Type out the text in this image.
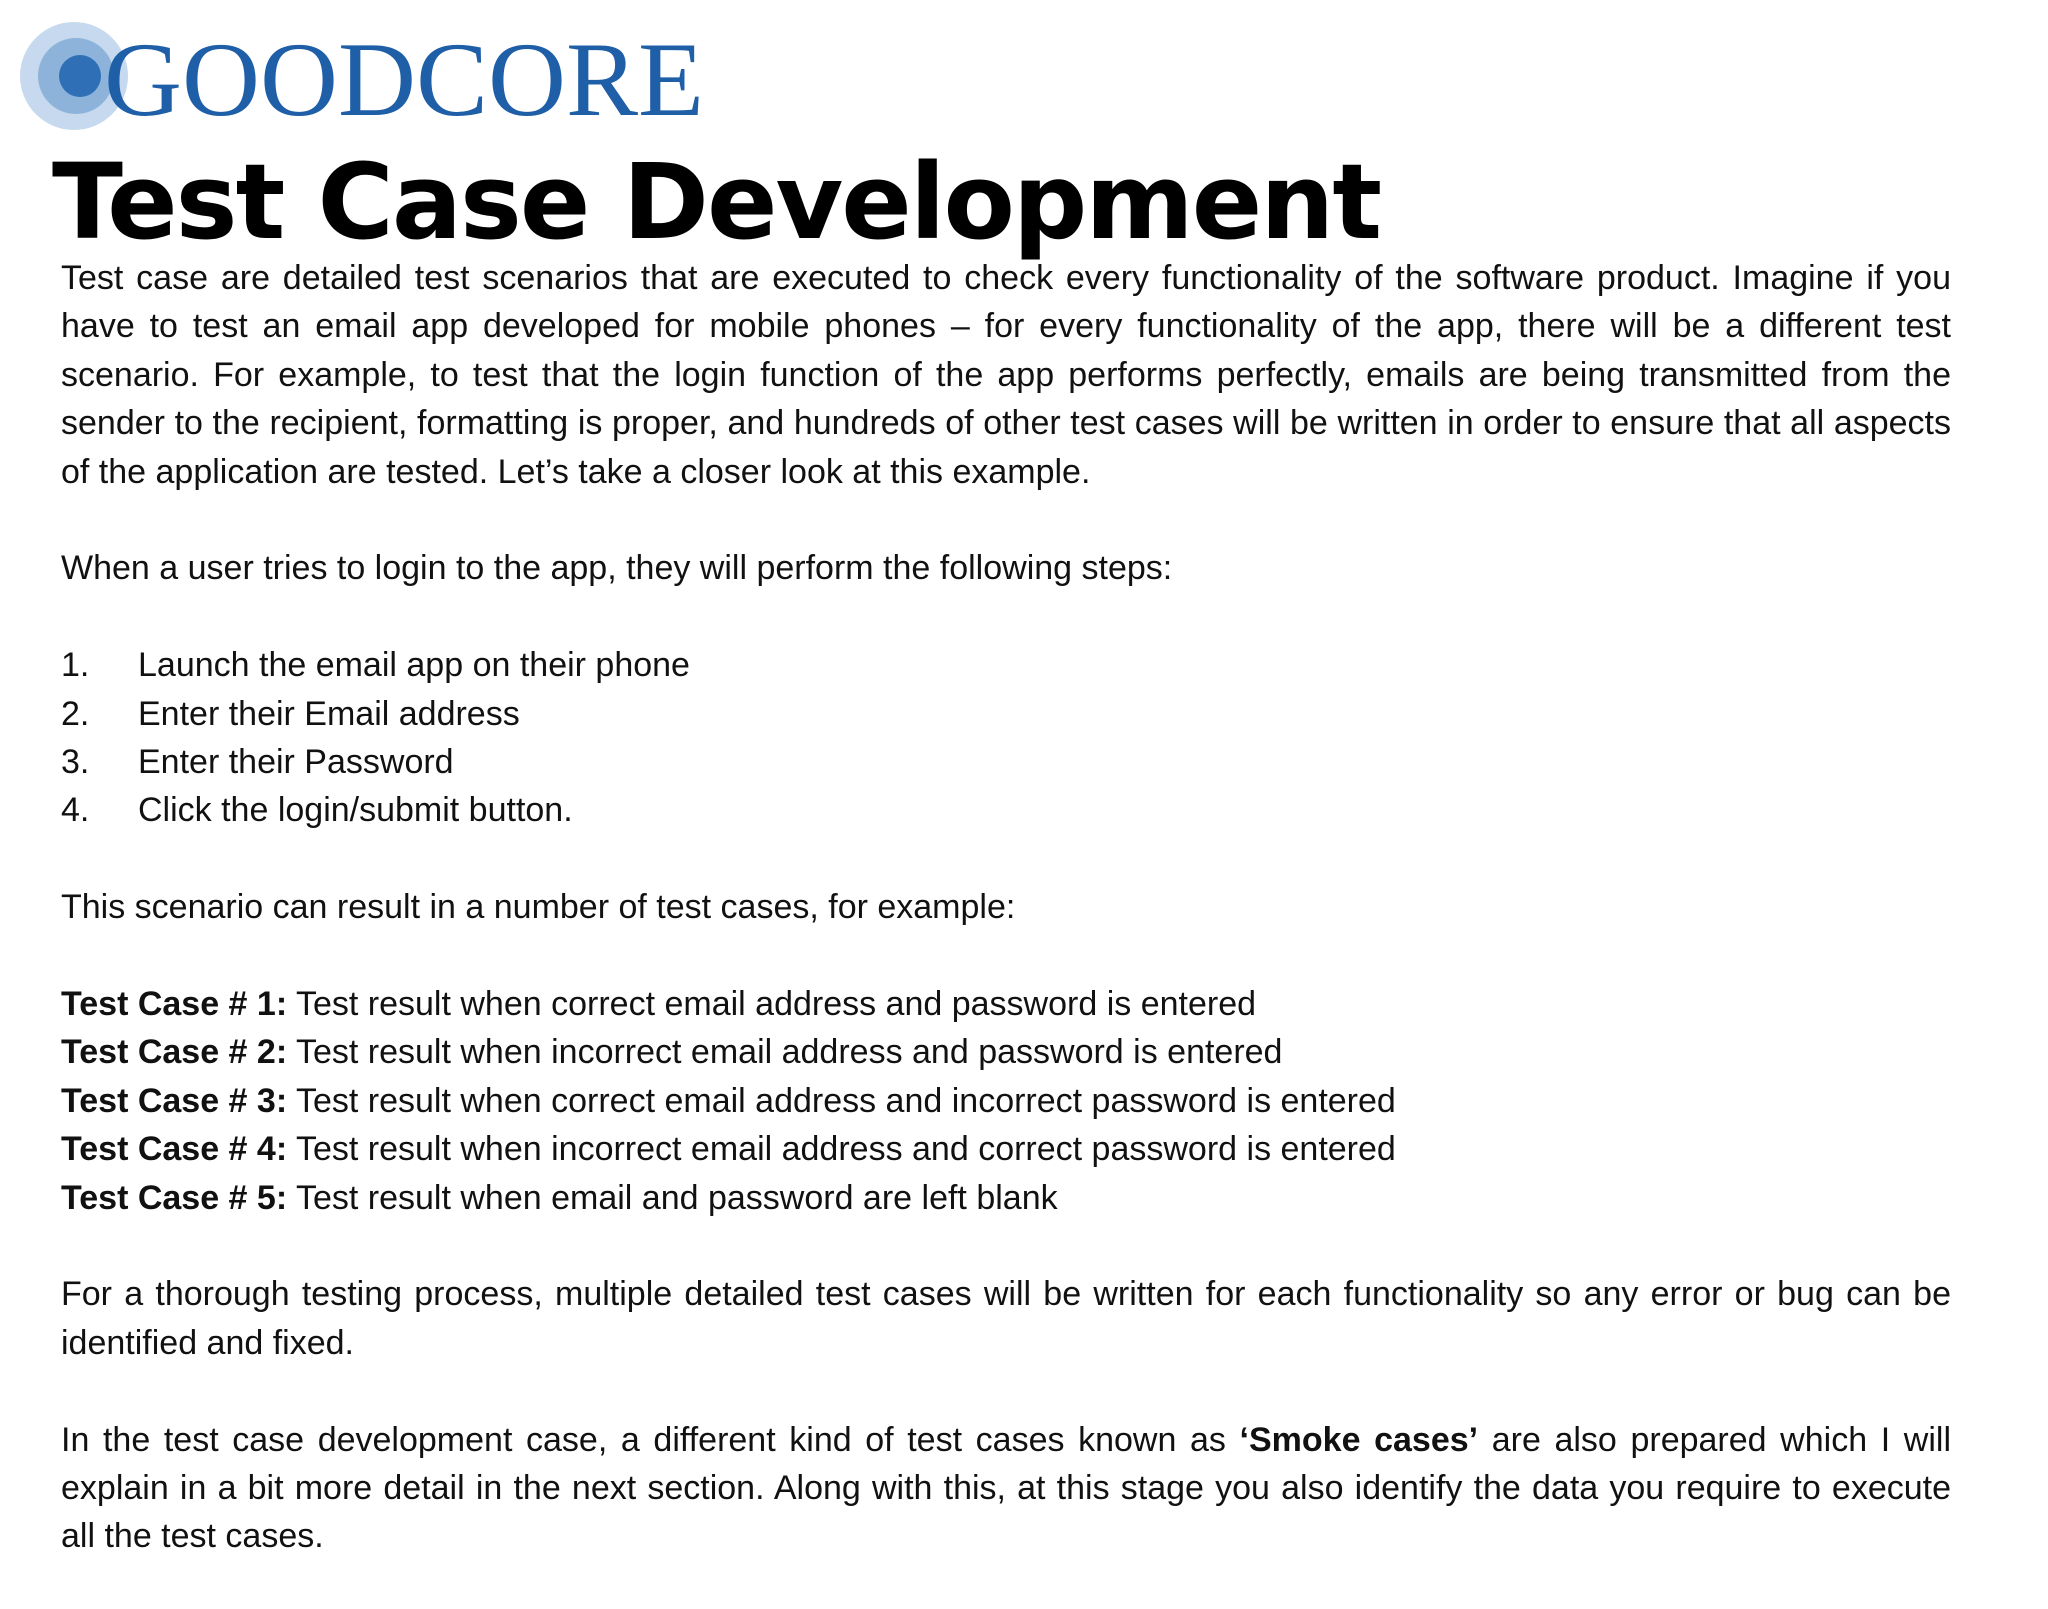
GOODCORE
Test Case Development

Test case are detailed test scenarios that are executed to check every functionality of the software product. Imagine if you have to test an email app developed for mobile phones – for every functionality of the app, there will be a different test scenario. For example, to test that the login function of the app performs perfectly, emails are being transmitted from the sender to the recipient, formatting is proper, and hundreds of other test cases will be written in order to ensure that all aspects of the application are tested. Let’s take a closer look at this example.

When a user tries to login to the app, they will perform the following steps:

1.	Launch the email app on their phone
2.	Enter their Email address
3.	Enter their Password
4.	Click the login/submit button.

This scenario can result in a number of test cases, for example:

Test Case # 1: Test result when correct email address and password is entered
Test Case # 2: Test result when incorrect email address and password is entered
Test Case # 3: Test result when correct email address and incorrect password is entered
Test Case # 4: Test result when incorrect email address and correct password is entered
Test Case # 5: Test result when email and password are left blank

For a thorough testing process, multiple detailed test cases will be written for each functionality so any error or bug can be identified and fixed.

In the test case development case, a different kind of test cases known as ‘Smoke cases’ are also prepared which I will explain in a bit more detail in the next section. Along with this, at this stage you also identify the data you require to execute all the test cases.
